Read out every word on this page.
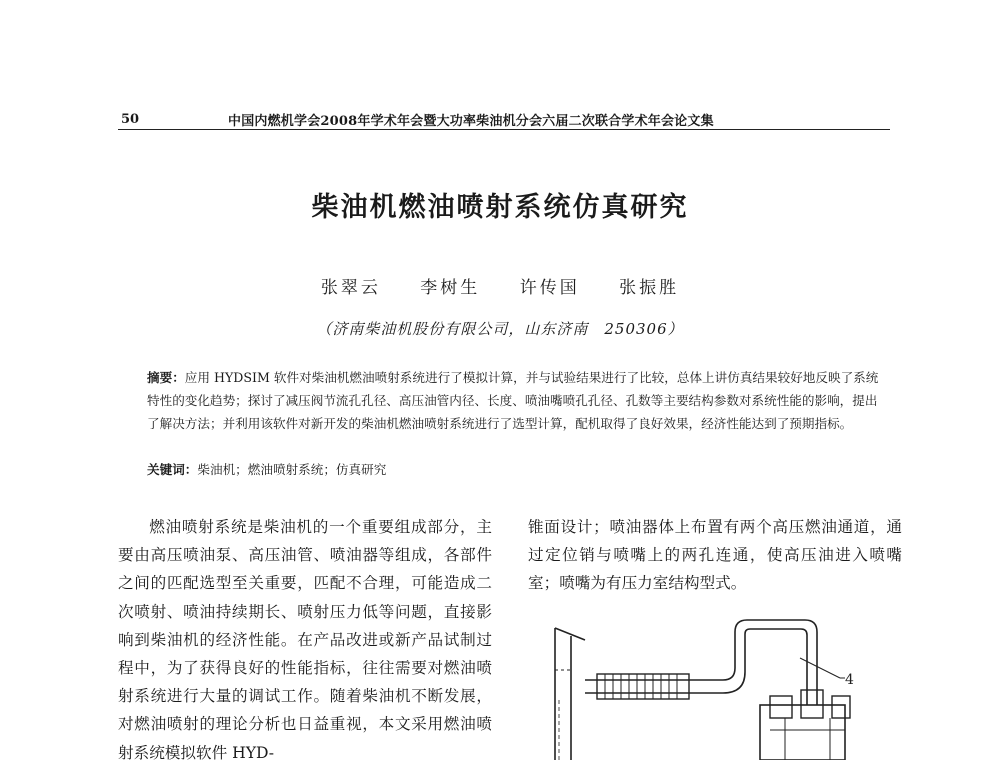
50	中国内燃机学会2008年学术年会暨大功率柴油机分会六届二次联合学术年会论文集
柴油机燃油喷射系统仿真研究
张翠云 李树生 许传国 张振胜
（济南柴油机股份有限公司，山东济南　250306）
摘要：应用 HYDSIM 软件对柴油机燃油喷射系统进行了模拟计算，并与试验结果进行了比较，总体上讲仿真结果较好地反映了系统特性的变化趋势；探讨了减压阀节流孔孔径、高压油管内径、长度、喷油嘴喷孔孔径、孔数等主要结构参数对系统性能的影响，提出了解决方法；并利用该软件对新开发的柴油机燃油喷射系统进行了选型计算，配机取得了良好效果，经济性能达到了预期指标。
关键词：柴油机；燃油喷射系统；仿真研究

燃油喷射系统是柴油机的一个重要组成部分，主要由高压喷油泵、高压油管、喷油器等组成，各部件之间的匹配选型至关重要，匹配不合理，可能造成二次喷射、喷油持续期长、喷射压力低等问题，直接影响到柴油机的经济性能。在产品改进或新产品试制过程中，为了获得良好的性能指标，往往需要对燃油喷射系统进行大量的调试工作。随着柴油机不断发展，对燃油喷射的理论分析也日益重视，本文采用燃油喷射系统模拟软件 HYD-

锥面设计；喷油器体上布置有两个高压燃油通道，通过定位销与喷嘴上的两孔连通，使高压油进入喷嘴室；喷嘴为有压力室结构型式。

4
